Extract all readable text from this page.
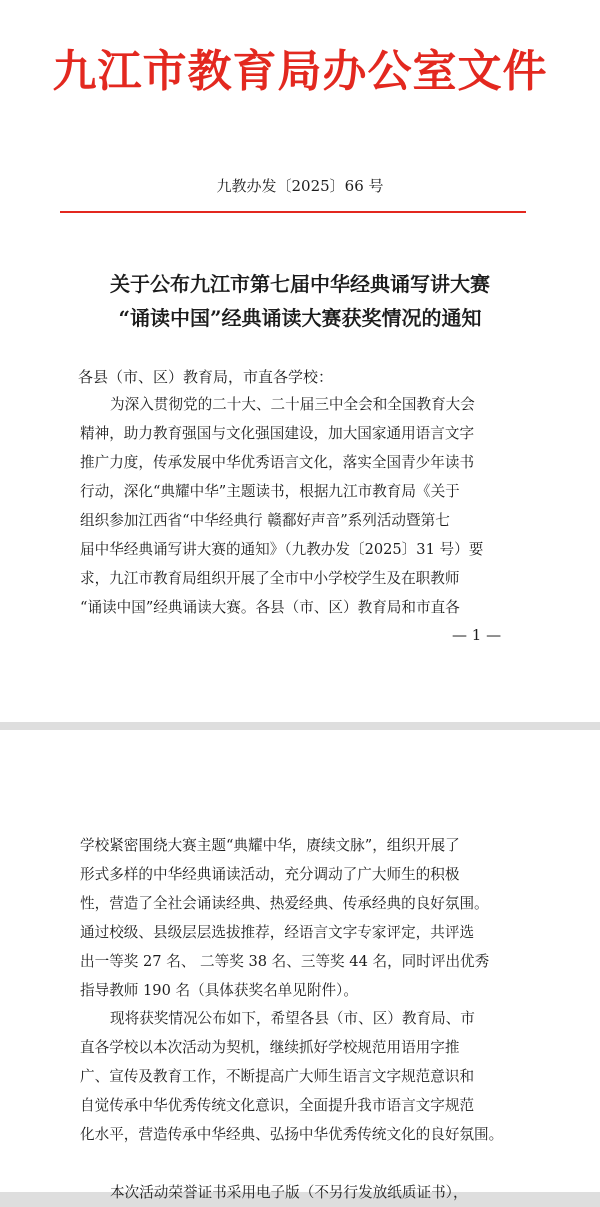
九江市教育局办公室文件
九教办发〔2025〕66 号
关于公布九江市第七届中华经典诵写讲大赛
“诵读中国”经典诵读大赛获奖情况的通知
各县（市、区）教育局，市直各学校：
为深入贯彻党的二十大、二十届三中全会和全国教育大会
精神，助力教育强国与文化强国建设，加大国家通用语言文字
推广力度，传承发展中华优秀语言文化，落实全国青少年读书
行动，深化“典耀中华”主题读书，根据九江市教育局《关于
组织参加江西省“中华经典行 赣鄱好声音”系列活动暨第七
届中华经典诵写讲大赛的通知》（九教办发〔2025〕31 号）要
求，九江市教育局组织开展了全市中小学校学生及在职教师
“诵读中国”经典诵读大赛。各县（市、区）教育局和市直各
— 1 —
学校紧密围绕大赛主题“典耀中华，赓续文脉”，组织开展了
形式多样的中华经典诵读活动，充分调动了广大师生的积极
性，营造了全社会诵读经典、热爱经典、传承经典的良好氛围。
通过校级、县级层层选拔推荐，经语言文字专家评定，共评选
出一等奖 27 名、 二等奖 38 名、三等奖 44 名，同时评出优秀
指导教师 190 名（具体获奖名单见附件）。
现将获奖情况公布如下，希望各县（市、区）教育局、市
直各学校以本次活动为契机，继续抓好学校规范用语用字推
广、宣传及教育工作，不断提高广大师生语言文字规范意识和
自觉传承中华优秀传统文化意识，全面提升我市语言文字规范
化水平，营造传承中华经典、弘扬中华优秀传统文化的良好氛围。
本次活动荣誉证书采用电子版（不另行发放纸质证书），
